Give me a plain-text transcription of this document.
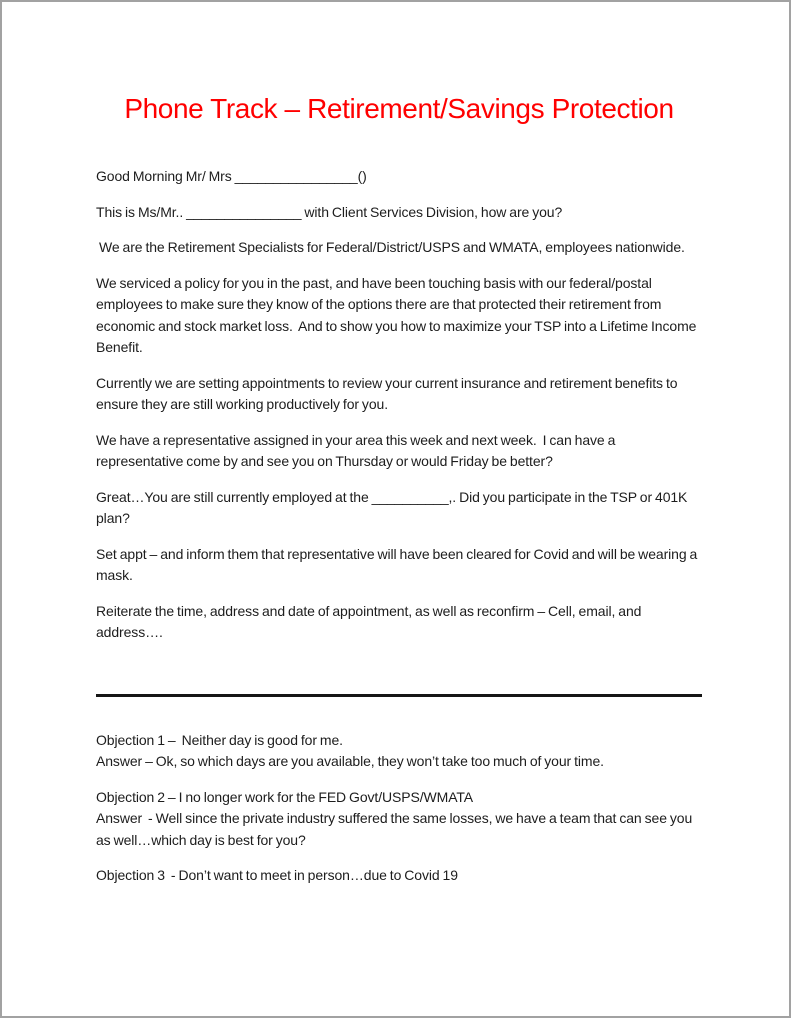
Phone Track – Retirement/Savings Protection

Good Morning Mr/ Mrs ________________()

This is Ms/Mr.. _______________ with Client Services Division, how are you?

We are the Retirement Specialists for Federal/District/USPS and WMATA, employees nationwide.

We serviced a policy for you in the past, and have been touching basis with our federal/postal employees to make sure they know of the options there are that protected their retirement from economic and stock market loss.  And to show you how to maximize your TSP into a Lifetime Income Benefit.

Currently we are setting appointments to review your current insurance and retirement benefits to ensure they are still working productively for you.

We have a representative assigned in your area this week and next week.  I can have a representative come by and see you on Thursday or would Friday be better?

Great…You are still currently employed at the __________,. Did you participate in the TSP or 401K plan?

Set appt – and inform them that representative will have been cleared for Covid and will be wearing a mask.

Reiterate the time, address and date of appointment, as well as reconfirm – Cell, email, and address….

Objection 1 –  Neither day is good for me.

Answer – Ok, so which days are you available, they won’t take too much of your time.

Objection 2 – I no longer work for the FED Govt/USPS/WMATA

Answer  - Well since the private industry suffered the same losses, we have a team that can see you as well…which day is best for you?

Objection 3  - Don’t want to meet in person…due to Covid 19
